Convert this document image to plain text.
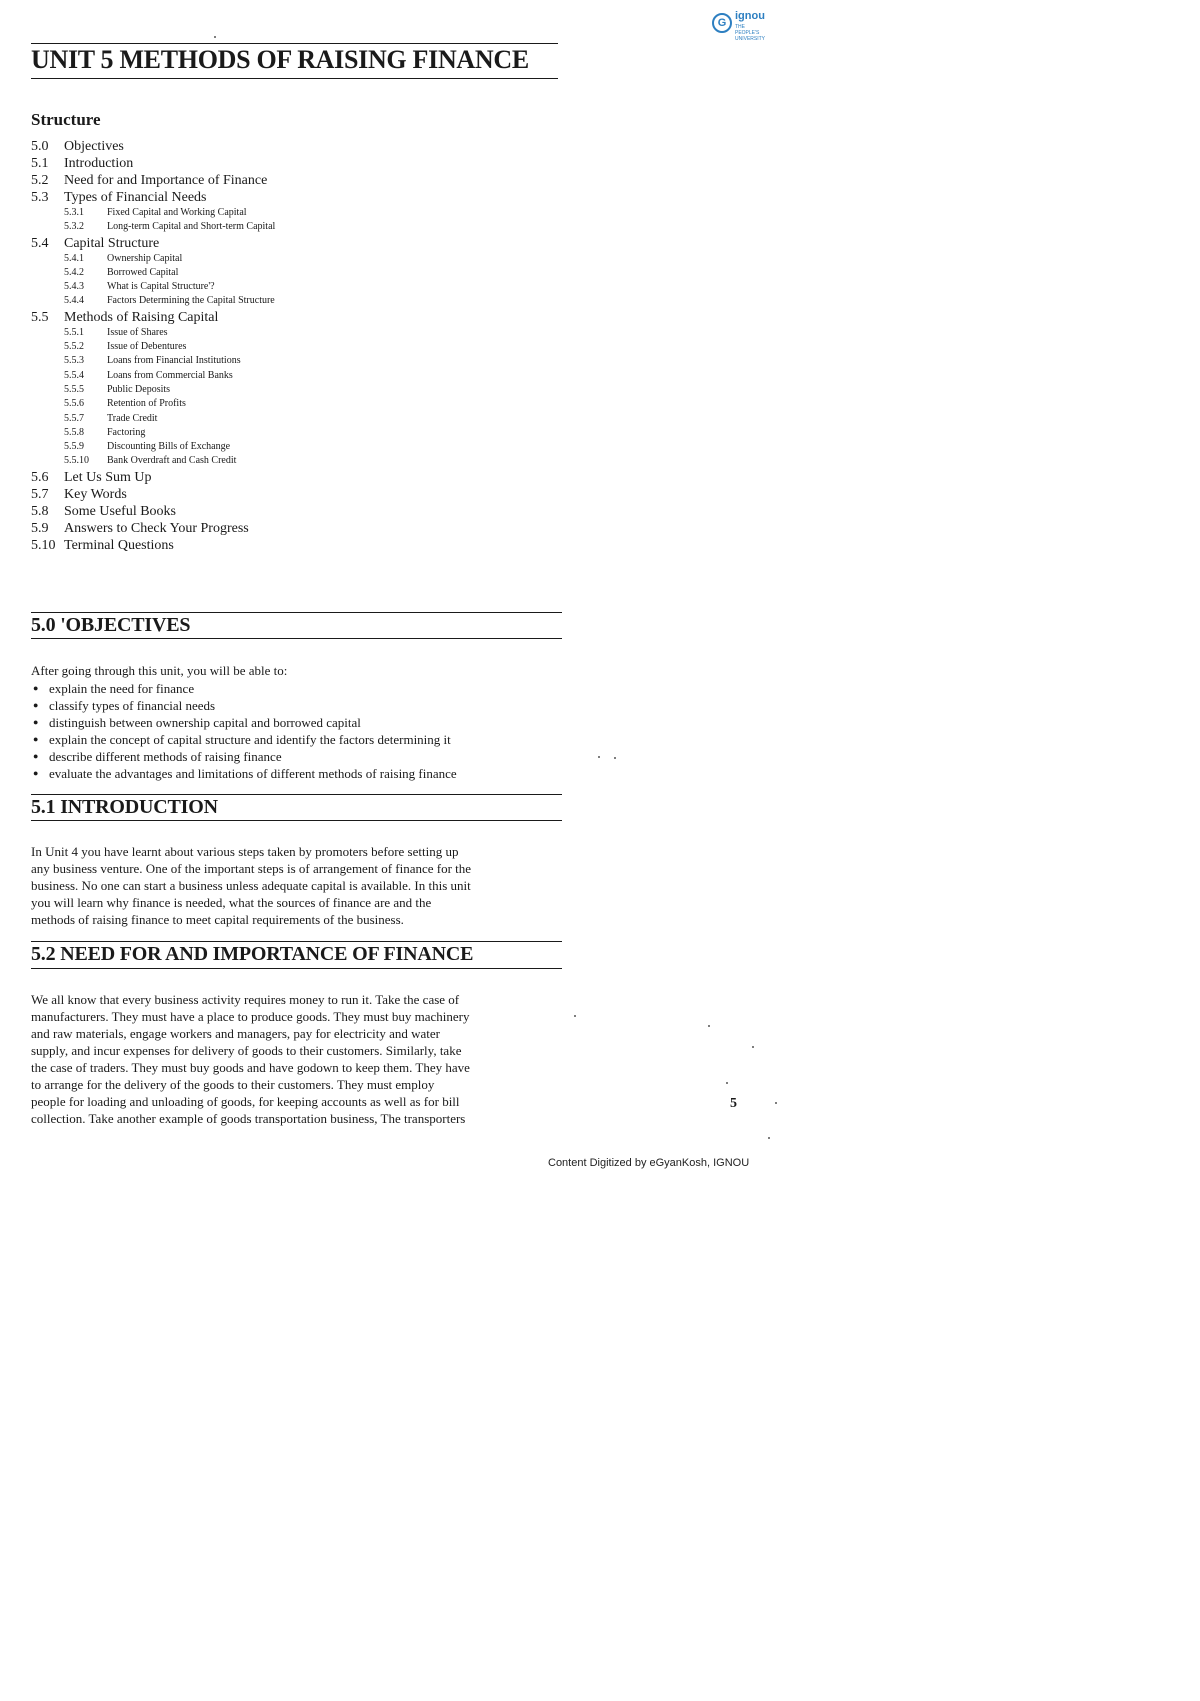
G
ignou
THE PEOPLE'S UNIVERSITY
UNIT 5 METHODS OF RAISING FINANCE
Structure
5.0 Objectives
5.1 Introduction
5.2 Need for and Importance of Finance
5.3 Types of Financial Needs
5.3.1 Fixed Capital and Working Capital
5.3.2 Long-term Capital and Short-term Capital
5.4 Capital Structure
5.4.1 Ownership Capital
5.4.2 Borrowed Capital
5.4.3 What is Capital Structure'?
5.4.4 Factors Determining the Capital Structure
5.5 Methods of Raising Capital
5.5.1 Issue of Shares
5.5.2 Issue of Debentures
5.5.3 Loans from Financial Institutions
5.5.4 Loans from Commercial Banks
5.5.5 Public Deposits
5.5.6 Retention of Profits
5.5.7 Trade Credit
5.5.8 Factoring
5.5.9 Discounting Bills of Exchange
5.5.10 Bank Overdraft and Cash Credit
5.6 Let Us Sum Up
5.7 Key Words
5.8 Some Useful Books
5.9 Answers to Check Your Progress
5.10 Terminal Questions
5.0 'OBJECTIVES
After going through this unit, you will be able to:
● explain the need for finance
● classify types of financial needs
● distinguish between ownership capital and borrowed capital
● explain the concept of capital structure and identify the factors determining it
● describe different methods of raising finance
● evaluate the advantages and limitations of different methods of raising finance
5.1 INTRODUCTION
In Unit 4 you have learnt about various steps taken by promoters before setting up
any business venture. One of the important steps is of arrangement of finance for the
business. No one can start a business unless adequate capital is available. In this unit
you will learn why finance is needed, what the sources of finance are and the
methods of raising finance to meet capital requirements of the business.
5.2 NEED FOR AND IMPORTANCE OF FINANCE
We all know that every business activity requires money to run it. Take the case of
manufacturers. They must have a place to produce goods. They must buy machinery
and raw materials, engage workers and managers, pay for electricity and water
supply, and incur expenses for delivery of goods to their customers. Similarly, take
the case of traders. They must buy goods and have godown to keep them. They have
to arrange for the delivery of the goods to their customers. They must employ
people for loading and unloading of goods, for keeping accounts as well as for bill
collection. Take another example of goods transportation business, The transporters
5
Content Digitized by eGyanKosh, IGNOU
